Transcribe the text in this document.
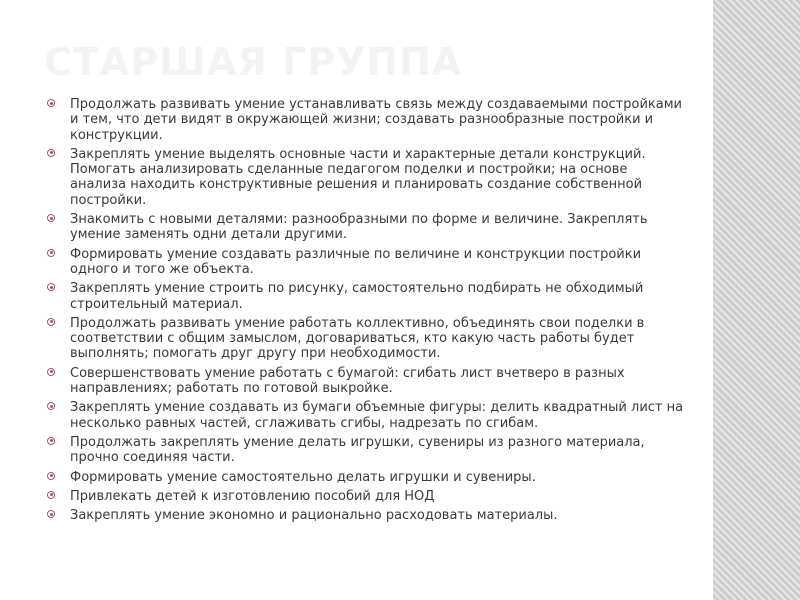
СТАРШАЯ ГРУППА
Продолжать развивать умение устанавливать связь между создаваемыми постройками и тем, что дети видят в окружающей жизни; создавать разнообразные постройки и конструкции.
Закреплять умение выделять основные части и характерные детали конструкций. Помогать анализировать сделанные педагогом поделки и постройки; на основе анализа находить конструктивные решения и планировать создание собственной постройки.
Знакомить с новыми деталями: разнообразными по форме и величине. Закреплять умение заменять одни детали другими.
Формировать умение создавать различные по величине и конструкции постройки одного и того же объекта.
Закреплять умение строить по рисунку, самостоятельно подбирать не обходимый строительный материал.
Продолжать развивать умение работать коллективно, объединять свои поделки в соответствии с общим замыслом, договариваться, кто какую часть работы будет выполнять; помогать друг другу при необходимости.
Совершенствовать умение работать с бумагой: сгибать лист вчетверо в разных направлениях; работать по готовой выкройке.
Закреплять умение создавать из бумаги объемные фигуры: делить квадратный лист на несколько равных частей, сглаживать сгибы, надрезать по сгибам.
Продолжать закреплять умение делать игрушки, сувениры из разного материала, прочно соединяя части.
Формировать умение самостоятельно делать игрушки и сувениры.
Привлекать детей к изготовлению пособий для НОД
Закреплять умение экономно и рационально расходовать материалы.
